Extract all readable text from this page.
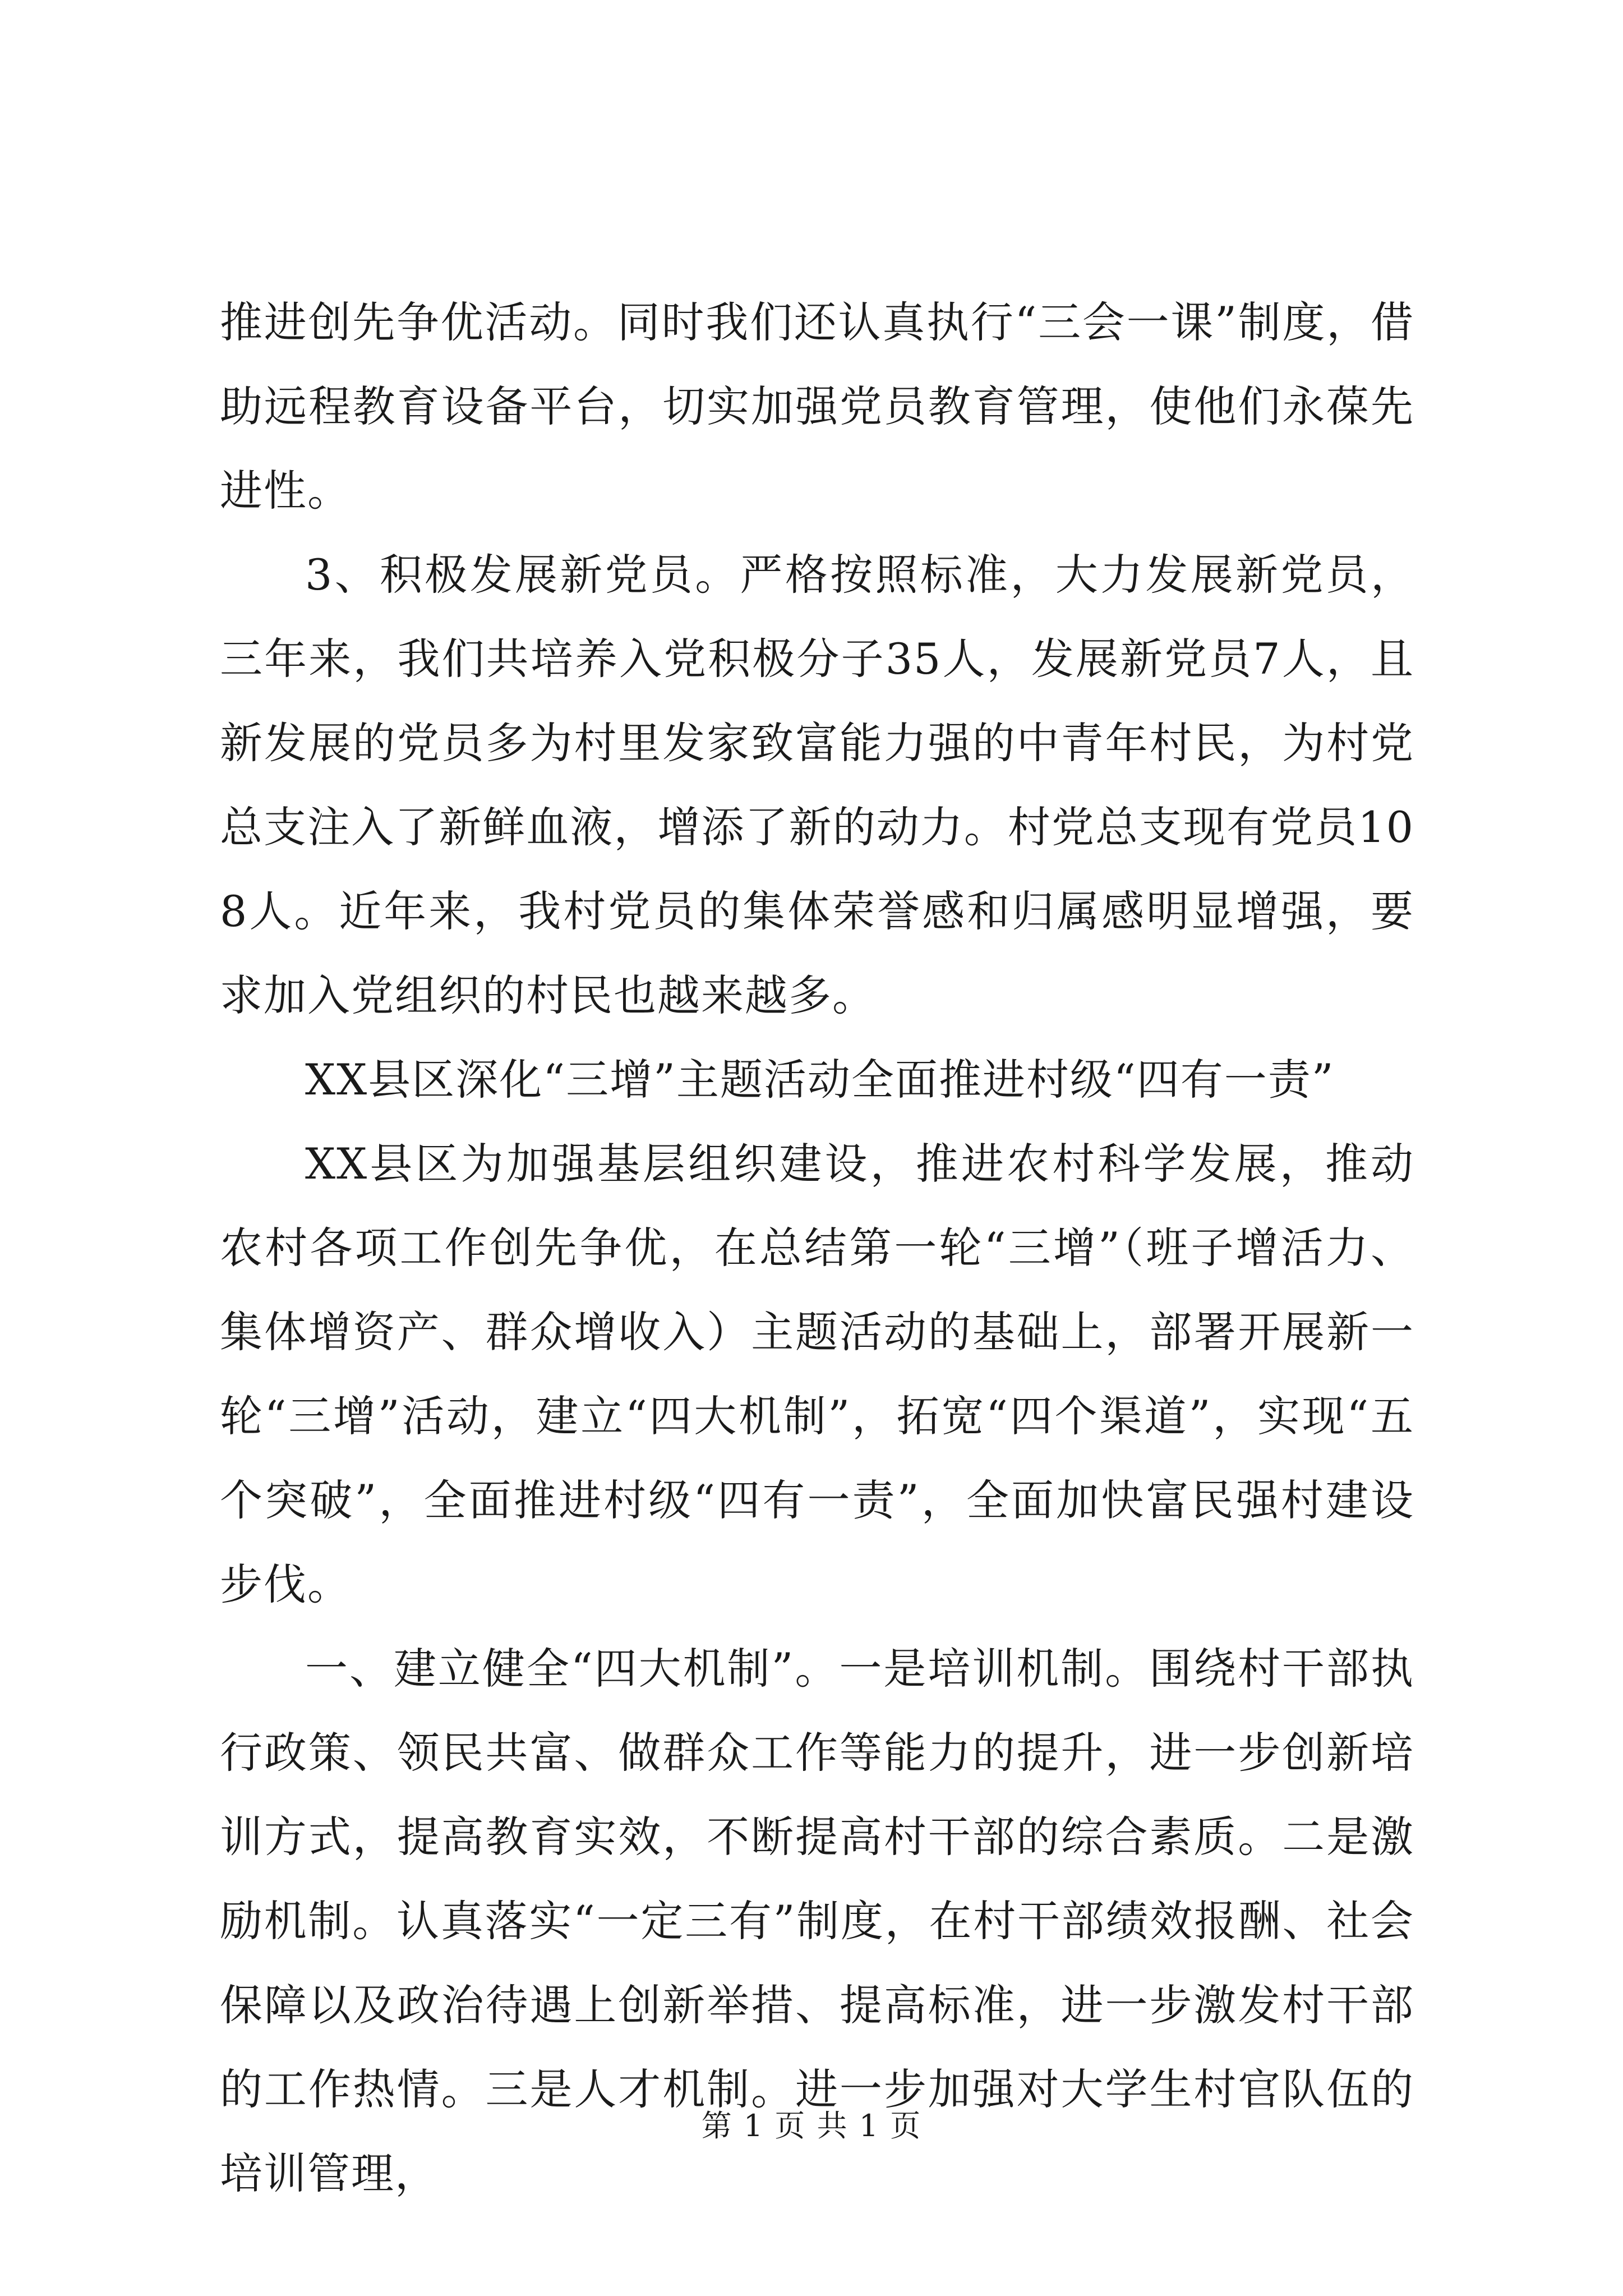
推进创先争优活动。同时我们还认真执行“三会一课”制度，借助远程教育设备平台，切实加强党员教育管理，使他们永葆先进性。

3、积极发展新党员。严格按照标准，大力发展新党员，三年来，我们共培养入党积极分子35人，发展新党员7人，且新发展的党员多为村里发家致富能力强的中青年村民，为村党总支注入了新鲜血液，增添了新的动力。村党总支现有党员108人。近年来，我村党员的集体荣誉感和归属感明显增强，要求加入党组织的村民也越来越多。

XX县区深化“三增”主题活动全面推进村级“四有一责”

XX县区为加强基层组织建设，推进农村科学发展，推动农村各项工作创先争优，在总结第一轮“三增”（班子增活力、集体增资产、群众增收入）主题活动的基础上，部署开展新一轮“三增”活动，建立“四大机制”，拓宽“四个渠道”，实现“五个突破”，全面推进村级“四有一责”，全面加快富民强村建设步伐。

一、建立健全“四大机制”。一是培训机制。围绕村干部执行政策、领民共富、做群众工作等能力的提升，进一步创新培训方式，提高教育实效，不断提高村干部的综合素质。二是激励机制。认真落实“一定三有”制度，在村干部绩效报酬、社会保障以及政治待遇上创新举措、提高标准，进一步激发村干部的工作热情。三是人才机制。进一步加强对大学生村官队伍的培训管理，

第 1 页 共 1 页
